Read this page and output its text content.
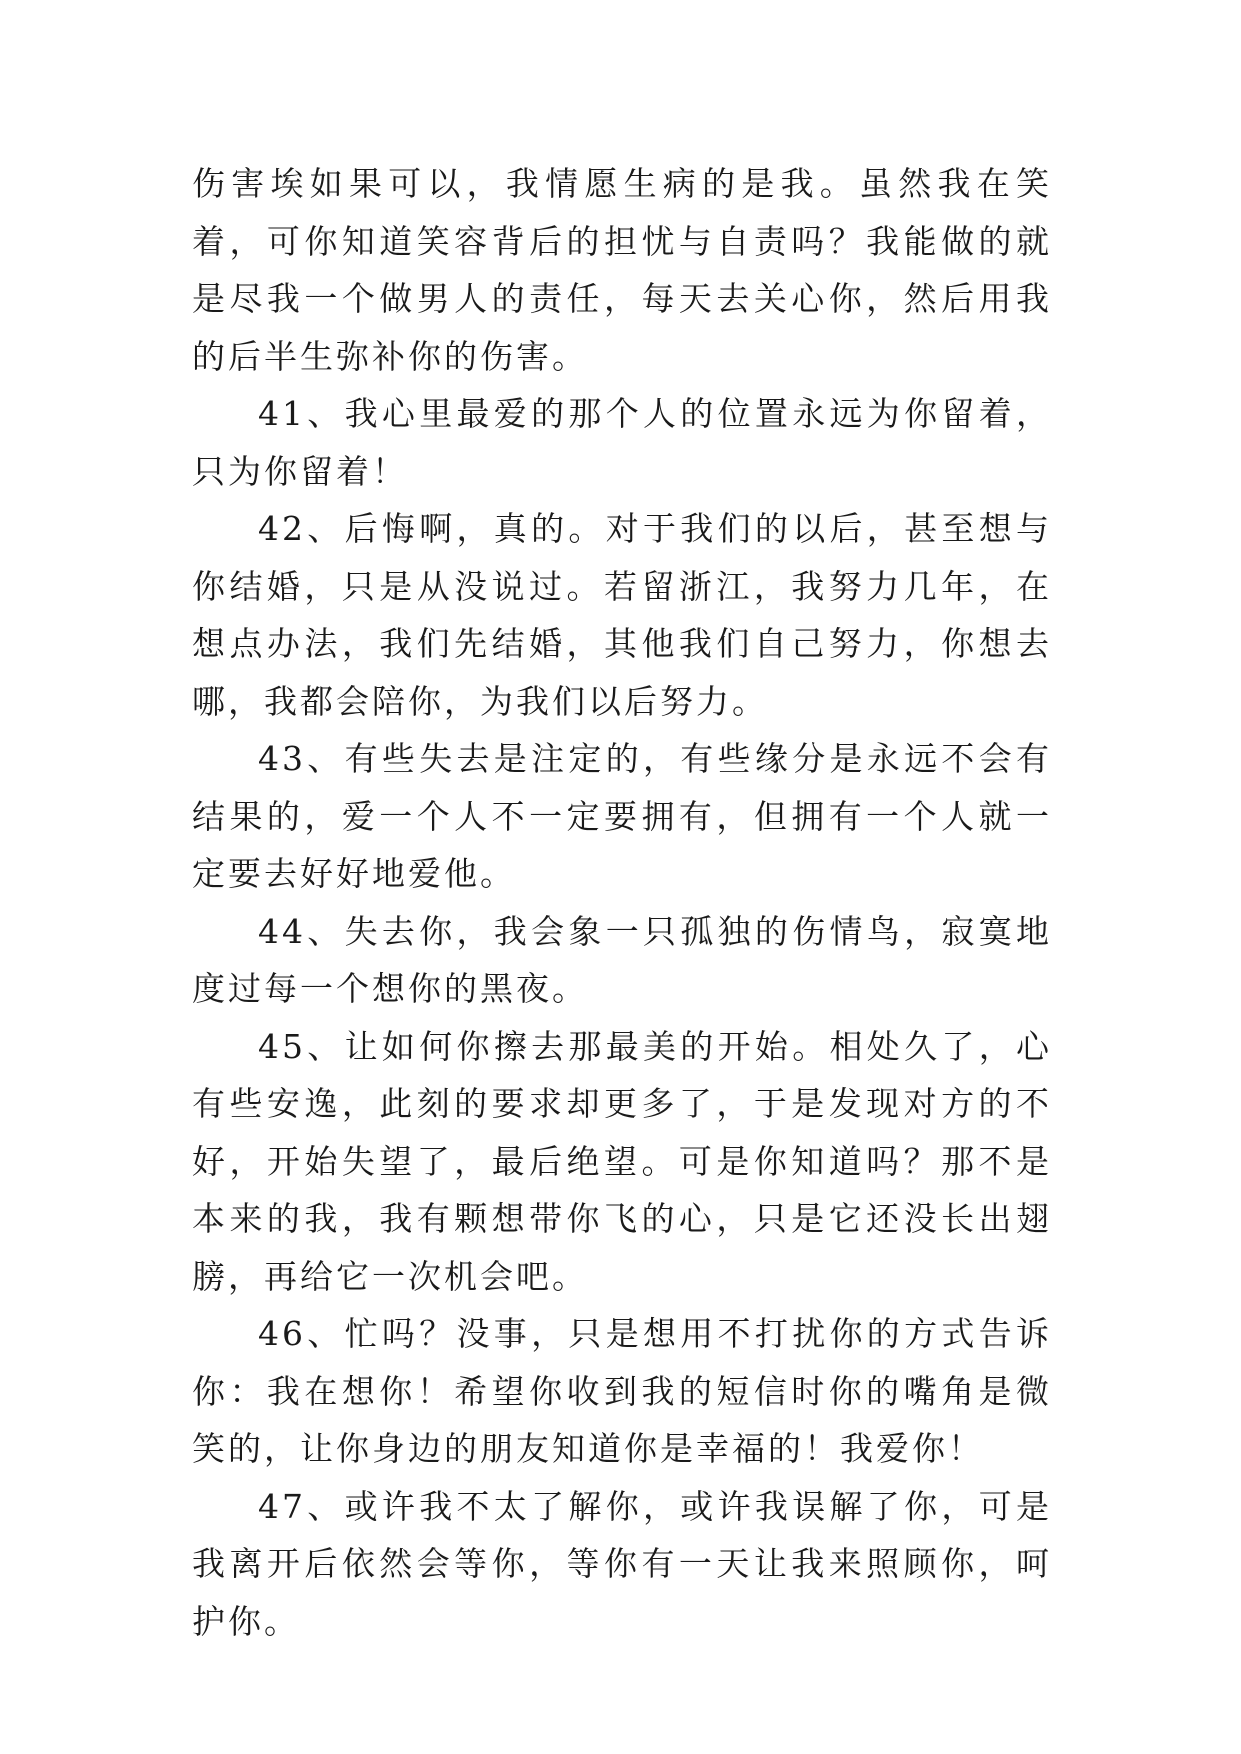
伤害埃如果可以，我情愿生病的是我。虽然我在笑着，可你知道笑容背后的担忧与自责吗？我能做的就是尽我一个做男人的责任，每天去关心你，然后用我的后半生弥补你的伤害。

41、我心里最爱的那个人的位置永远为你留着，只为你留着！

42、后悔啊，真的。对于我们的以后，甚至想与你结婚，只是从没说过。若留浙江，我努力几年，在想点办法，我们先结婚，其他我们自己努力，你想去哪，我都会陪你，为我们以后努力。

43、有些失去是注定的，有些缘分是永远不会有结果的，爱一个人不一定要拥有，但拥有一个人就一定要去好好地爱他。

44、失去你，我会象一只孤独的伤情鸟，寂寞地度过每一个想你的黑夜。

45、让如何你擦去那最美的开始。相处久了，心有些安逸，此刻的要求却更多了，于是发现对方的不好，开始失望了，最后绝望。可是你知道吗？那不是本来的我，我有颗想带你飞的心，只是它还没长出翅膀，再给它一次机会吧。

46、忙吗？没事，只是想用不打扰你的方式告诉你：我在想你！希望你收到我的短信时你的嘴角是微笑的，让你身边的朋友知道你是幸福的！我爱你！

47、或许我不太了解你，或许我误解了你，可是我离开后依然会等你，等你有一天让我来照顾你，呵护你。
